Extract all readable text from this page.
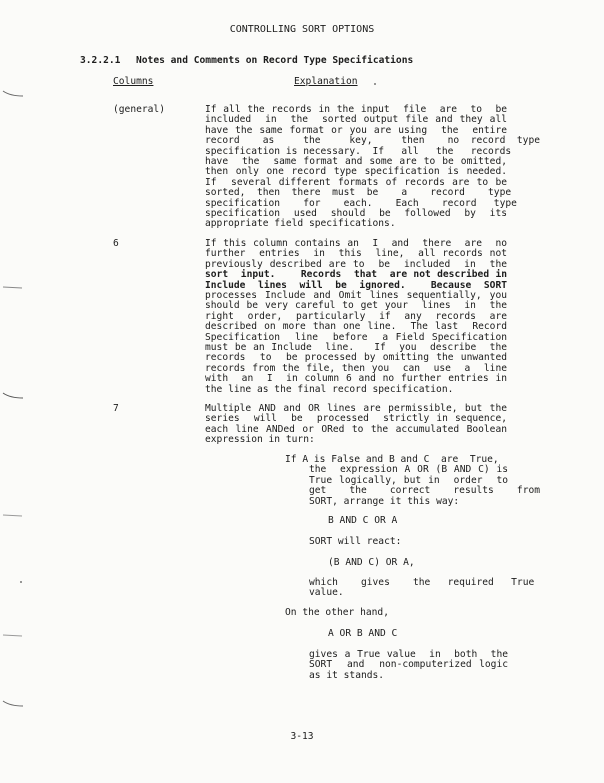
CONTROLLING SORT OPTIONS
3.2.2.1 Notes and Comments on Record Type Specifications
Columns	Explanation
(general)	If all the records in the input  file  are  to  be
included  in  the  sorted output file and they all
have the same format or you are using  the  entire
record    as     the     key,     then    no  record  type
specification is necessary.  If   all   the   records
have  the  same format and some are to be omitted,
then only one record type specification is needed.
If  several different formats of records are to be
sorted,  then  there  must  be    a    record    type
specification    for    each.    Each    record   type
specification  used  should  be  followed  by  its
appropriate field specifications.
6	If this column contains an  I  and  there  are  no
further  entries  in  this  line,  all records not
previously described are to  be  included  in  the
sort  input.    Records  that  are not described in
Include  lines  will  be  ignored.    Because  SORT
processes Include and Omit lines sequentially, you
should be very careful to get your  lines  in  the
right  order,  particularly  if  any  records  are
described on more than one line.  The last  Record
Specification  line  before  a Field Specification
must be an Include  line.   If  you  describe  the
records  to  be processed by omitting the unwanted
records from the file, then you  can  use  a  line
with  an  I  in column 6 and no further entries in
the line as the final record specification.
7	Multiple AND and OR lines are permissible, but the
series  will  be  processed  strictly in sequence,
each line ANDed or ORed to the accumulated Boolean
expression in turn:
If A is False and B and C  are  True,
the  expression A OR (B AND C) is
True logically, but in  order  to
get    the    correct    results    from
SORT, arrange it this way:
B AND C OR A
SORT will react:
(B AND C) OR A,
which    gives    the   required   True
value.
On the other hand,
A OR B AND C
gives a True value  in  both  the
SORT  and  non-computerized logic
as it stands.
3-13
